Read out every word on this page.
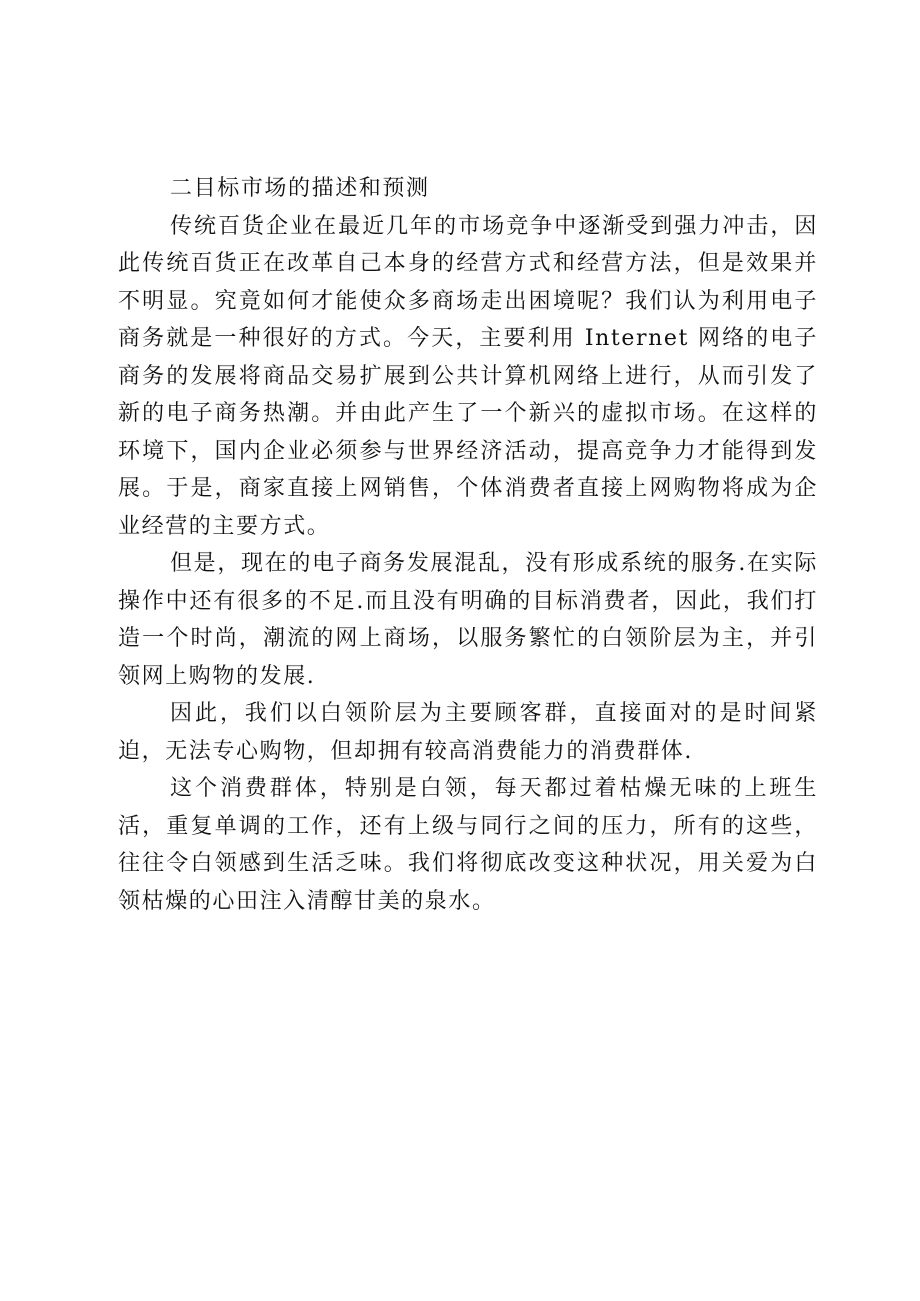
二目标市场的描述和预测

传统百货企业在最近几年的市场竞争中逐渐受到强力冲击，因此传统百货正在改革自己本身的经营方式和经营方法，但是效果并不明显。究竟如何才能使众多商场走出困境呢？我们认为利用电子商务就是一种很好的方式。今天，主要利用 Internet 网络的电子商务的发展将商品交易扩展到公共计算机网络上进行，从而引发了新的电子商务热潮。并由此产生了一个新兴的虚拟市场。在这样的环境下，国内企业必须参与世界经济活动，提高竞争力才能得到发展。于是，商家直接上网销售，个体消费者直接上网购物将成为企业经营的主要方式。

但是，现在的电子商务发展混乱，没有形成系统的服务.在实际操作中还有很多的不足.而且没有明确的目标消费者，因此，我们打造一个时尚，潮流的网上商场，以服务繁忙的白领阶层为主，并引领网上购物的发展.

因此，我们以白领阶层为主要顾客群，直接面对的是时间紧迫，无法专心购物，但却拥有较高消费能力的消费群体.

这个消费群体，特别是白领，每天都过着枯燥无味的上班生活，重复单调的工作，还有上级与同行之间的压力，所有的这些，往往令白领感到生活乏味。我们将彻底改变这种状况，用关爱为白领枯燥的心田注入清醇甘美的泉水。
